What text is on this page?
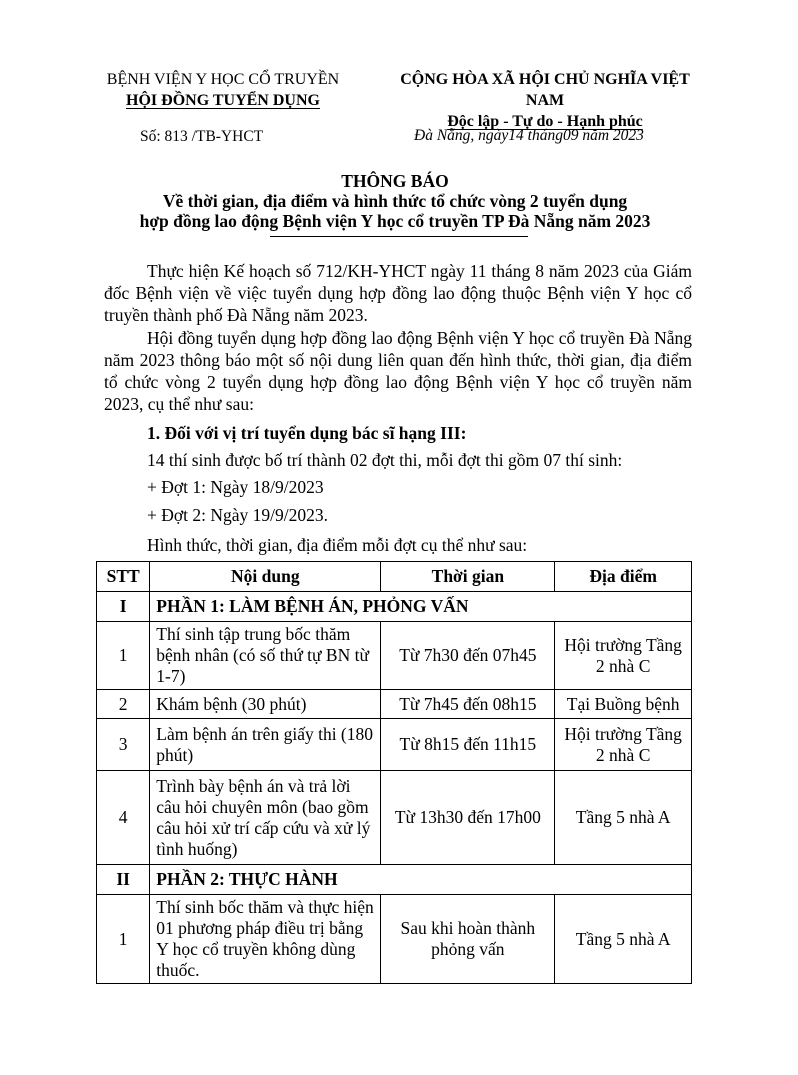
BỆNH VIỆN Y HỌC CỔ TRUYỀN
HỘI ĐỒNG TUYỂN DỤNG
CỘNG HÒA XÃ HỘI CHỦ NGHĨA VIỆT NAM
Độc lập - Tự do - Hạnh phúc
Số: 813 /TB-YHCT	Đà Nẵng, ngày14 tháng09 năm 2023
THÔNG BÁO
Về thời gian, địa điểm và hình thức tổ chức vòng 2 tuyển dụng
hợp đồng lao động Bệnh viện Y học cổ truyền TP Đà Nẵng năm 2023
Thực hiện Kế hoạch số 712/KH-YHCT ngày 11 tháng 8 năm 2023 của Giám đốc Bệnh viện về việc tuyển dụng hợp đồng lao động thuộc Bệnh viện Y học cổ truyền thành phố Đà Nẵng năm 2023.
Hội đồng tuyển dụng hợp đồng lao động Bệnh viện Y học cổ truyền Đà Nẵng năm 2023 thông báo một số nội dung liên quan đến hình thức, thời gian, địa điểm tổ chức vòng 2 tuyển dụng hợp đồng lao động Bệnh viện Y học cổ truyền năm 2023, cụ thể như sau:
1. Đối với vị trí tuyển dụng bác sĩ hạng III:
14 thí sinh được bố trí thành 02 đợt thi, mỗi đợt thi gồm 07 thí sinh:
+ Đợt 1: Ngày 18/9/2023
+ Đợt 2: Ngày 19/9/2023.
Hình thức, thời gian, địa điểm mỗi đợt cụ thể như sau:
STT	Nội dung	Thời gian	Địa điểm
I	PHẦN 1: LÀM BỆNH ÁN, PHỎNG VẤN		
1	Thí sinh tập trung bốc thăm bệnh nhân (có số thứ tự BN từ 1-7)	Từ 7h30 đến 07h45	Hội trường Tầng 2 nhà C
2	Khám bệnh (30 phút)	Từ 7h45 đến 08h15	Tại Buồng bệnh
3	Làm bệnh án trên giấy thi (180 phút)	Từ 8h15 đến 11h15	Hội trường Tầng 2 nhà C
4	Trình bày bệnh án và trả lời câu hỏi chuyên môn (bao gồm câu hỏi xử trí cấp cứu và xử lý tình huống)	Từ 13h30 đến 17h00	Tầng 5 nhà A
II	PHẦN 2: THỰC HÀNH		
1	Thí sinh bốc thăm và thực hiện 01 phương pháp điều trị bằng Y học cổ truyền không dùng thuốc.	Sau khi hoàn thành phỏng vấn	Tầng 5 nhà A
